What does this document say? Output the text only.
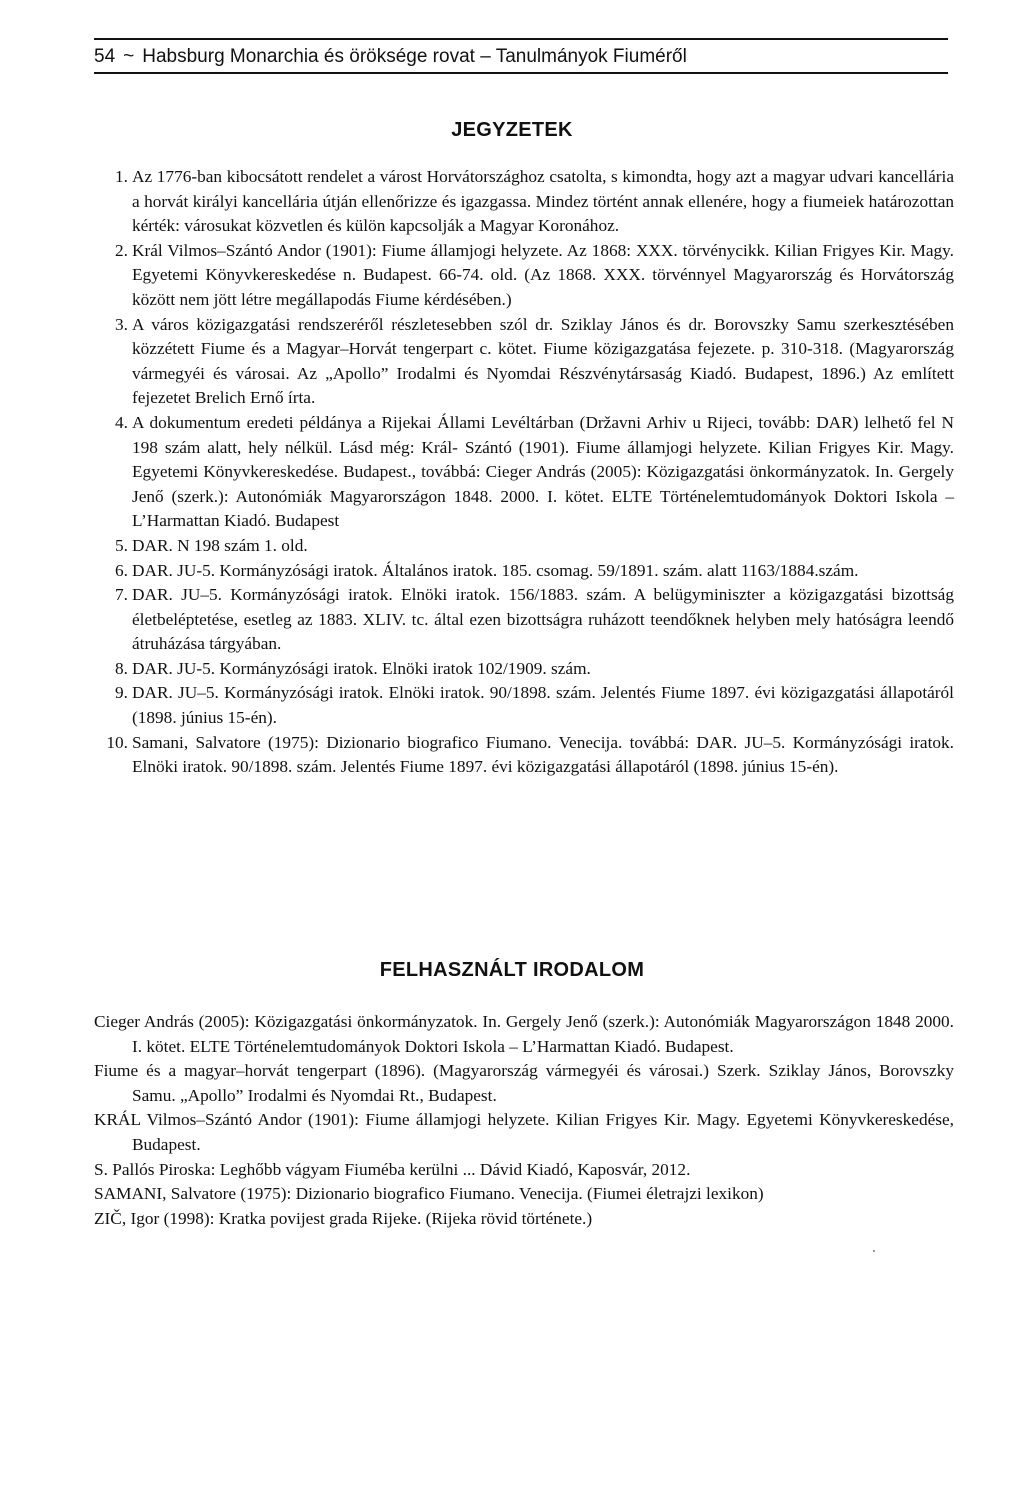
54 ~ Habsburg Monarchia és öröksége rovat – Tanulmányok Fiuméről
JEGYZETEK
1. Az 1776-ban kibocsátott rendelet a várost Horvátországhoz csatolta, s kimondta, hogy azt a magyar udvari kancellária a horvát királyi kancellária útján ellenőrizze és igazgassa. Mindez történt annak ellenére, hogy a fiumeiek határozottan kérték: városukat közvetlen és külön kapcsolják a Magyar Koronához.
2. Král Vilmos–Szántó Andor (1901): Fiume államjogi helyzete. Az 1868: XXX. törvénycikk. Kilian Frigyes Kir. Magy. Egyetemi Könyvkereskedése n. Budapest. 66-74. old. (Az 1868. XXX. törvénnyel Magyarország és Horvátország között nem jött létre megállapodás Fiume kérdésében.)
3. A város közigazgatási rendszeréről részletesebben szól dr. Sziklay János és dr. Borovszky Samu szerkesztésében közzétett Fiume és a Magyar–Horvát tengerpart c. kötet. Fiume közigazgatása fejezete. p. 310-318. (Magyarország vármegyéi és városai. Az „Apollo” Irodalmi és Nyomdai Részvénytársaság Kiadó. Budapest, 1896.) Az említett fejezetet Brelich Ernő írta.
4. A dokumentum eredeti példánya a Rijekai Állami Levéltárban (Državni Arhiv u Rijeci, tovább: DAR) lelhető fel N 198 szám alatt, hely nélkül. Lásd még: Král- Szántó (1901). Fiume államjogi helyzete. Kilian Frigyes Kir. Magy. Egyetemi Könyvkereskedése. Budapest., továbbá: Cieger András (2005): Közigazgatási önkormányzatok. In. Gergely Jenő (szerk.): Autonómiák Magyarországon 1848. 2000. I. kötet. ELTE Történelemtudományok Doktori Iskola – L’Harmattan Kiadó. Budapest
5. DAR. N 198 szám 1. old.
6. DAR. JU-5. Kormányzósági iratok. Általános iratok. 185. csomag. 59/1891. szám. alatt 1163/1884.szám.
7. DAR. JU–5. Kormányzósági iratok. Elnöki iratok. 156/1883. szám. A belügyminiszter a közigazgatási bizottság életbeléptetése, esetleg az 1883. XLIV. tc. által ezen bizottságra ruházott teendőknek helyben mely hatóságra leendő átruházása tárgyában.
8. DAR. JU-5. Kormányzósági iratok. Elnöki iratok 102/1909. szám.
9. DAR. JU–5. Kormányzósági iratok. Elnöki iratok. 90/1898. szám. Jelentés Fiume 1897. évi közigazgatási állapotáról (1898. június 15-én).
10. Samani, Salvatore (1975): Dizionario biografico Fiumano. Venecija. továbbá: DAR. JU–5. Kormányzósági iratok. Elnöki iratok. 90/1898. szám. Jelentés Fiume 1897. évi közigazgatási állapotáról (1898. június 15-én).
FELHASZNÁLT IRODALOM
Cieger András (2005): Közigazgatási önkormányzatok. In. Gergely Jenő (szerk.): Autonómiák Magyarországon 1848 2000. I. kötet. ELTE Történelemtudományok Doktori Iskola – L’Harmattan Kiadó. Budapest.
Fiume és a magyar–horvát tengerpart (1896). (Magyarország vármegyéi és városai.) Szerk. Sziklay János, Borovszky Samu. „Apollo” Irodalmi és Nyomdai Rt., Budapest.
KRÁL Vilmos–Szántó Andor (1901): Fiume államjogi helyzete. Kilian Frigyes Kir. Magy. Egyetemi Könyvkereskedése, Budapest.
S. Pallós Piroska: Leghőbb vágyam Fiuméba kerülni ... Dávid Kiadó, Kaposvár, 2012.
SAMANI, Salvatore (1975): Dizionario biografico Fiumano. Venecija. (Fiumei életrajzi lexikon)
ZIČ, Igor (1998): Kratka povijest grada Rijeke. (Rijeka rövid története.)
